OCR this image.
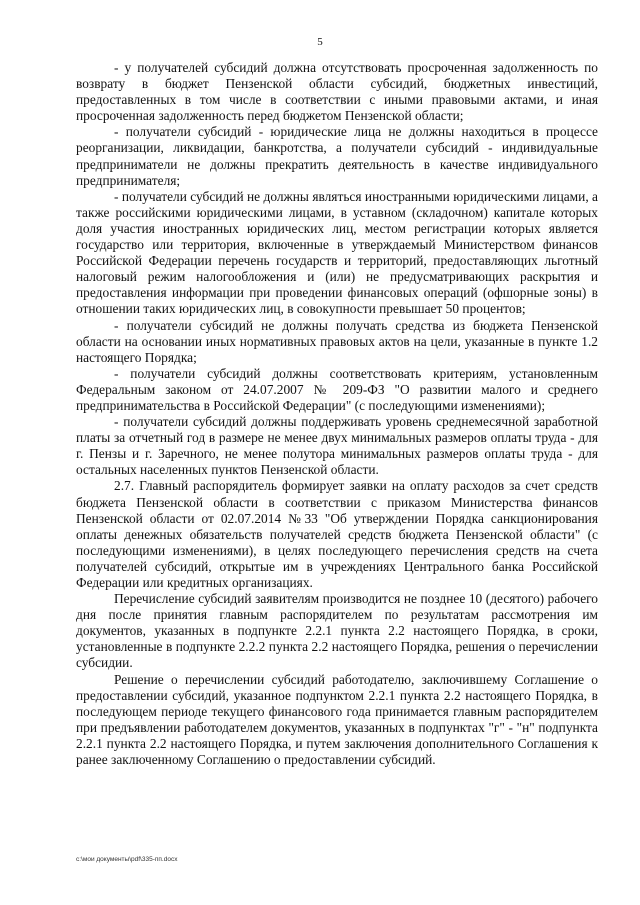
5

- у получателей субсидий должна отсутствовать просроченная задолженность по возврату в бюджет Пензенской области субсидий, бюджетных инвестиций, предоставленных в том числе в соответствии с иными правовыми актами, и иная просроченная задолженность перед бюджетом Пензенской области;

- получатели субсидий - юридические лица не должны находиться в процессе реорганизации, ликвидации, банкротства, а получатели субсидий - индивидуальные предприниматели не должны прекратить деятельность в качестве индивидуального предпринимателя;

- получатели субсидий не должны являться иностранными юридическими лицами, а также российскими юридическими лицами, в уставном (складочном) капитале которых доля участия иностранных юридических лиц, местом регистрации которых является государство или территория, включенные в утверждаемый Министерством финансов Российской Федерации перечень государств и территорий, предоставляющих льготный налоговый режим налогообложения и (или) не предусматривающих раскрытия и предоставления информации при проведении финансовых операций (офшорные зоны) в отношении таких юридических лиц, в совокупности превышает 50 процентов;

- получатели субсидий не должны получать средства из бюджета Пензенской области на основании иных нормативных правовых актов на цели, указанные в пункте 1.2 настоящего Порядка;

- получатели субсидий должны соответствовать критериям, установленным Федеральным законом от 24.07.2007 № 209-ФЗ "О развитии малого и среднего предпринимательства в Российской Федерации" (с последующими изменениями);

- получатели субсидий должны поддерживать уровень среднемесячной заработной платы за отчетный год в размере не менее двух минимальных размеров оплаты труда - для г. Пензы и г. Заречного, не менее полутора минимальных размеров оплаты труда - для остальных населенных пунктов Пензенской области.

2.7. Главный распорядитель формирует заявки на оплату расходов за счет средств бюджета Пензенской области в соответствии с приказом Министерства финансов Пензенской области от 02.07.2014 №33 "Об утверждении Порядка санкционирования оплаты денежных обязательств получателей средств бюджета Пензенской области" (с последующими изменениями), в целях последующего перечисления средств на счета получателей субсидий, открытые им в учреждениях Центрального банка Российской Федерации или кредитных организациях.

Перечисление субсидий заявителям производится не позднее 10 (десятого) рабочего дня после принятия главным распорядителем по результатам рассмотрения им документов, указанных в подпункте 2.2.1 пункта 2.2 настоящего Порядка, в сроки, установленные в подпункте 2.2.2 пункта 2.2 настоящего Порядка, решения о перечислении субсидии.

Решение о перечислении субсидий работодателю, заключившему Соглашение о предоставлении субсидий, указанное подпунктом 2.2.1 пункта 2.2 настоящего Порядка, в последующем периоде текущего финансового года принимается главным распорядителем при предъявлении работодателем документов, указанных в подпунктах "г" - "н" подпункта 2.2.1 пункта 2.2 настоящего Порядка, и путем заключения дополнительного Соглашения к ранее заключенному Соглашению о предоставлении субсидий.

c:\мои документы\pdf\335-пп.docx
